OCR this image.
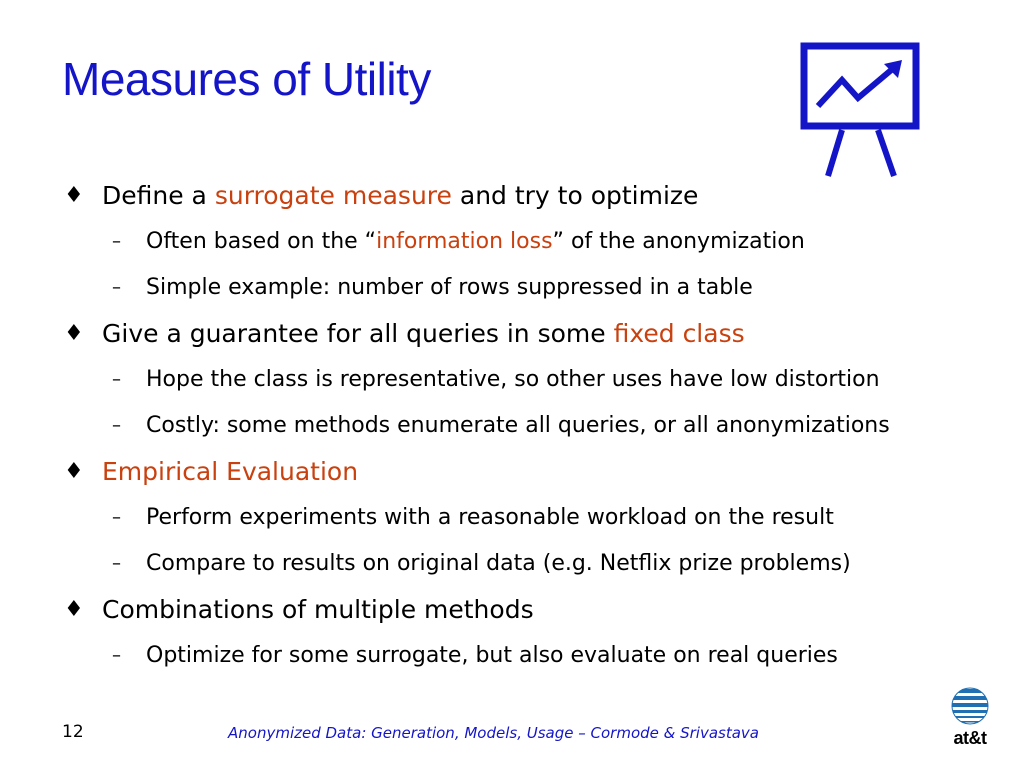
Measures of Utility
♦ Define a surrogate measure and try to optimize
– Often based on the “information loss” of the anonymization
– Simple example: number of rows suppressed in a table
♦ Give a guarantee for all queries in some fixed class
– Hope the class is representative, so other uses have low distortion
– Costly: some methods enumerate all queries, or all anonymizations
♦ Empirical Evaluation
– Perform experiments with a reasonable workload on the result
– Compare to results on original data (e.g. Netflix prize problems)
♦ Combinations of multiple methods
– Optimize for some surrogate, but also evaluate on real queries
12	Anonymized Data: Generation, Models, Usage – Cormode & Srivastava	at&t
